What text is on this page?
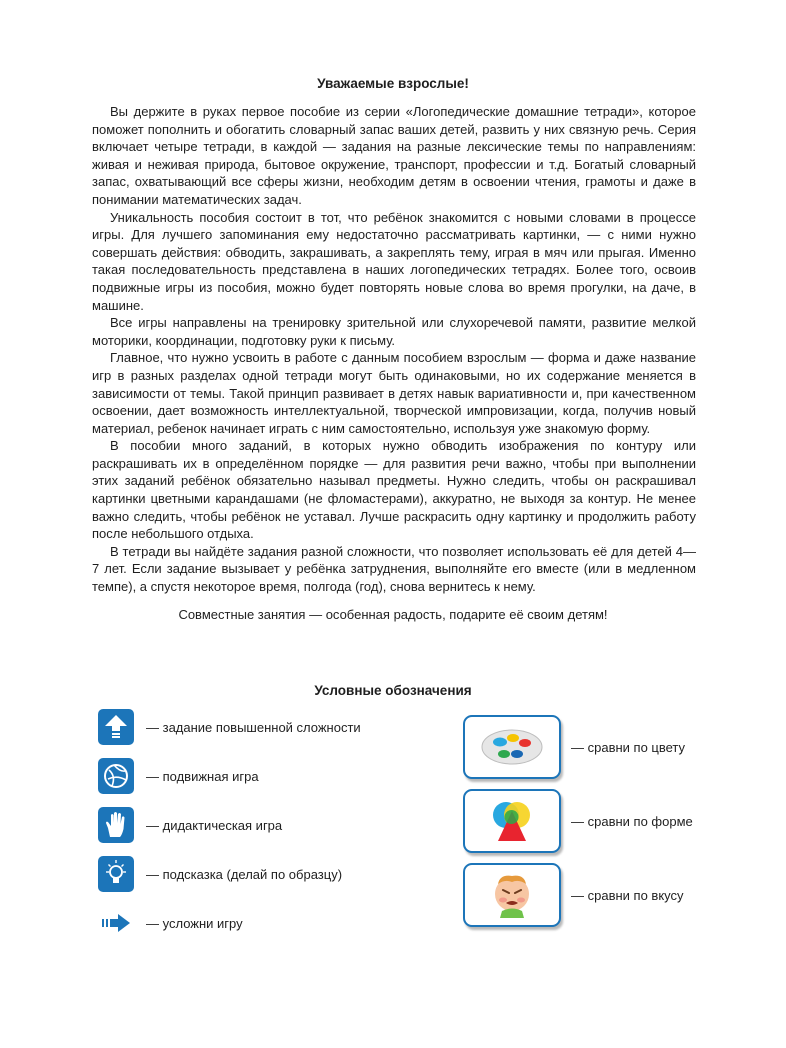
Уважаемые взрослые!

Вы держите в руках первое пособие из серии «Логопедические домашние тетради», которое поможет пополнить и обогатить словарный запас ваших детей, развить у них связную речь. Серия включает четыре тетради, в каждой — задания на разные лексические темы по направлениям: живая и неживая природа, бытовое окружение, транспорт, профессии и т.д. Богатый словарный запас, охватывающий все сферы жизни, необходим детям в освоении чтения, грамоты и даже в понимании математических задач.

Уникальность пособия состоит в тот, что ребёнок знакомится с новыми словами в процессе игры. Для лучшего запоминания ему недостаточно рассматривать картинки, — с ними нужно совершать действия: обводить, закрашивать, а закреплять тему, играя в мяч или прыгая. Именно такая последовательность представлена в наших логопедических тетрадях. Более того, освоив подвижные игры из пособия, можно будет повторять новые слова во время прогулки, на даче, в машине.

Все игры направлены на тренировку зрительной или слухоречевой памяти, развитие мелкой моторики, координации, подготовку руки к письму.

Главное, что нужно усвоить в работе с данным пособием взрослым — форма и даже название игр в разных разделах одной тетради могут быть одинаковыми, но их содержание меняется в зависимости от темы. Такой принцип развивает в детях навык вариативности и, при качественном освоении, дает возможность интеллектуальной, творческой импровизации, когда, получив новый материал, ребенок начинает играть с ним самостоятельно, используя уже знакомую форму.

В пособии много заданий, в которых нужно обводить изображения по контуру или раскрашивать их в определённом порядке — для развития речи важно, чтобы при выполнении этих заданий ребёнок обязательно называл предметы. Нужно следить, чтобы он раскрашивал картинки цветными карандашами (не фломастерами), аккуратно, не выходя за контур. Не менее важно следить, чтобы ребёнок не уставал. Лучше раскрасить одну картинку и продолжить работу после небольшого отдыха.

В тетради вы найдёте задания разной сложности, что позволяет использовать её для детей 4—7 лет. Если задание вызывает у ребёнка затруднения, выполняйте его вместе (или в медленном темпе), а спустя некоторое время, полгода (год), снова вернитесь к нему.

Совместные занятия — особенная радость, подарите её своим детям!
Условные обозначения
— задание повышенной сложности
— подвижная игра
— дидактическая игра
— подсказка (делай по образцу)
— усложни игру
— сравни по цвету
— сравни по форме
— сравни по вкусу
